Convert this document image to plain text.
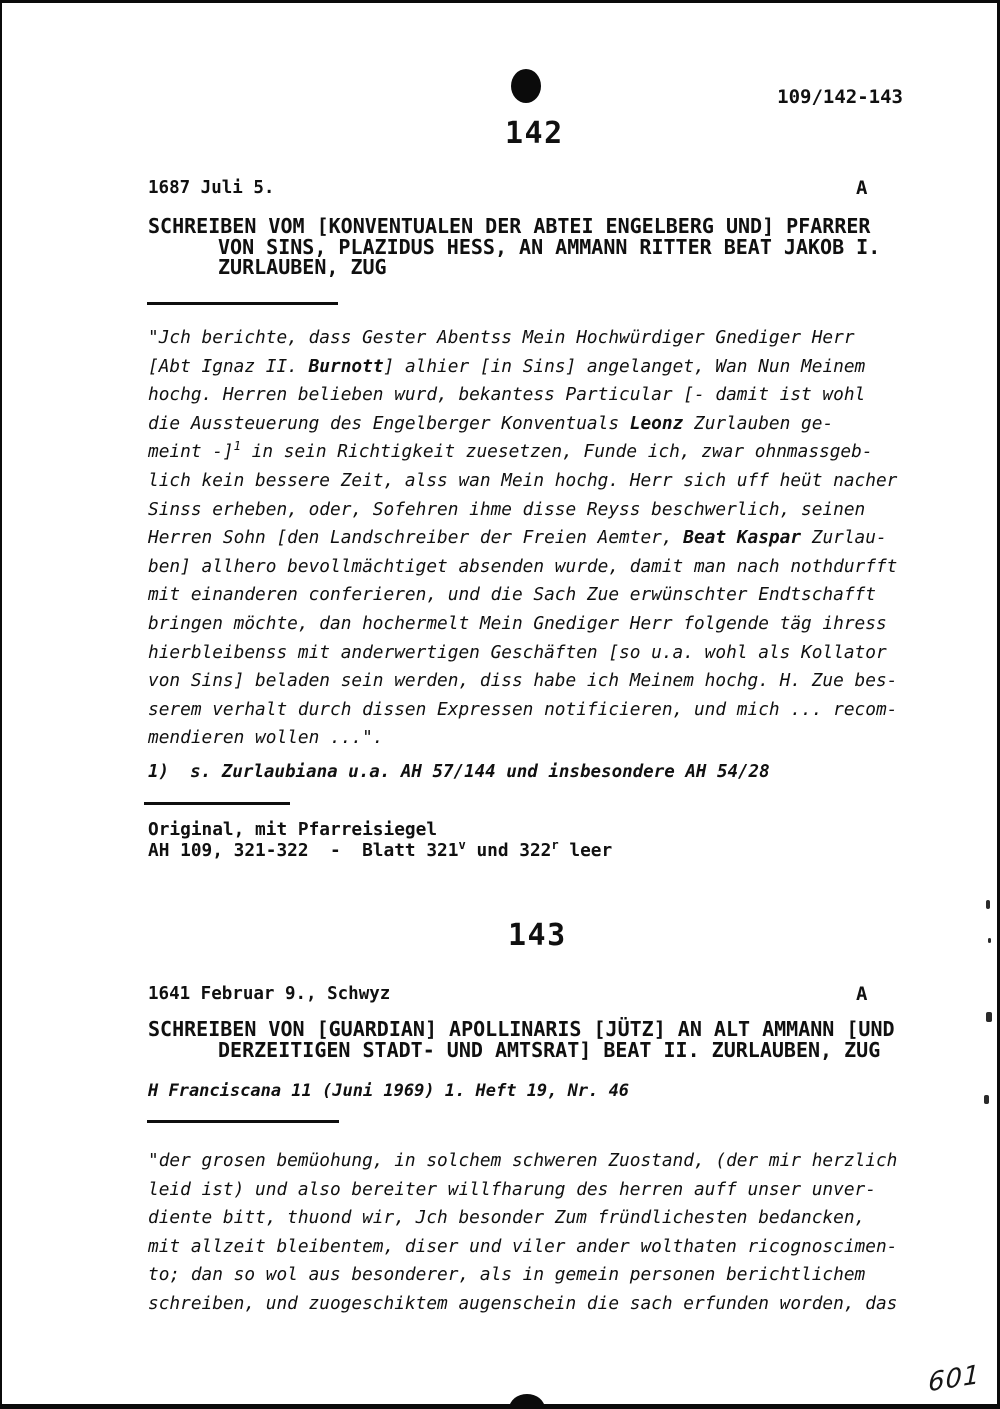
109/142-143
142
1687 Juli 5.	A
SCHREIBEN VOM [KONVENTUALEN DER ABTEI ENGELBERG UND] PFARRER
VON SINS, PLAZIDUS HESS, AN AMMANN RITTER BEAT JAKOB I.
ZURLAUBEN, ZUG
"Jch berichte, dass Gester Abentss Mein Hochwürdiger Gnediger Herr
[Abt Ignaz II. Burnott] alhier [in Sins] angelanget, Wan Nun Meinem
hochg. Herren belieben wurd, bekantess Particular [- damit ist wohl
die Aussteuerung des Engelberger Konventuals Leonz Zurlauben ge-
meint -]$^1$ in sein Richtigkeit zuesetzen, Funde ich, zwar ohnmassgeb-
lich kein bessere Zeit, alss wan Mein hochg. Herr sich uff heüt nacher
Sinss erheben, oder, Sofehren ihme disse Reyss beschwerlich, seinen
Herren Sohn [den Landschreiber der Freien Aemter, Beat Kaspar Zurlau-
ben] allhero bevollmächtiget absenden wurde, damit man nach nothdurfft
mit einanderen conferieren, und die Sach Zue erwünschter Endtschafft
bringen möchte, dan hochermelt Mein Gnediger Herr folgende täg ihress
hierbleibenss mit anderwertigen Geschäften [so u.a. wohl als Kollator
von Sins] beladen sein werden, diss habe ich Meinem hochg. H. Zue bes-
serem verhalt durch dissen Expressen notificieren, und mich ... recom-
mendieren wollen ...".
1)  s. Zurlaubiana u.a. AH 57/144 und insbesondere AH 54/28
Original, mit Pfarreisiegel
AH 109, 321-322  -  Blatt 321$^v$ und 322$^r$ leer
143
1641 Februar 9., Schwyz	A
SCHREIBEN VON [GUARDIAN] APOLLINARIS [JÜTZ] AN ALT AMMANN [UND
DERZEITIGEN STADT- UND AMTSRAT] BEAT II. ZURLAUBEN, ZUG
H Franciscana 11 (Juni 1969) 1. Heft 19, Nr. 46
"der grosen bemüohung, in solchem schweren Zuostand, (der mir herzlich
leid ist) und also bereiter willfharung des herren auff unser unver-
diente bitt, thuond wir, Jch besonder Zum fründlichesten bedancken,
mit allzeit bleibentem, diser und viler ander wolthaten ricognoscimen-
to; dan so wol aus besonderer, als in gemein personen berichtlichem
schreiben, und zuogeschiktem augenschein die sach erfunden worden, das
601
